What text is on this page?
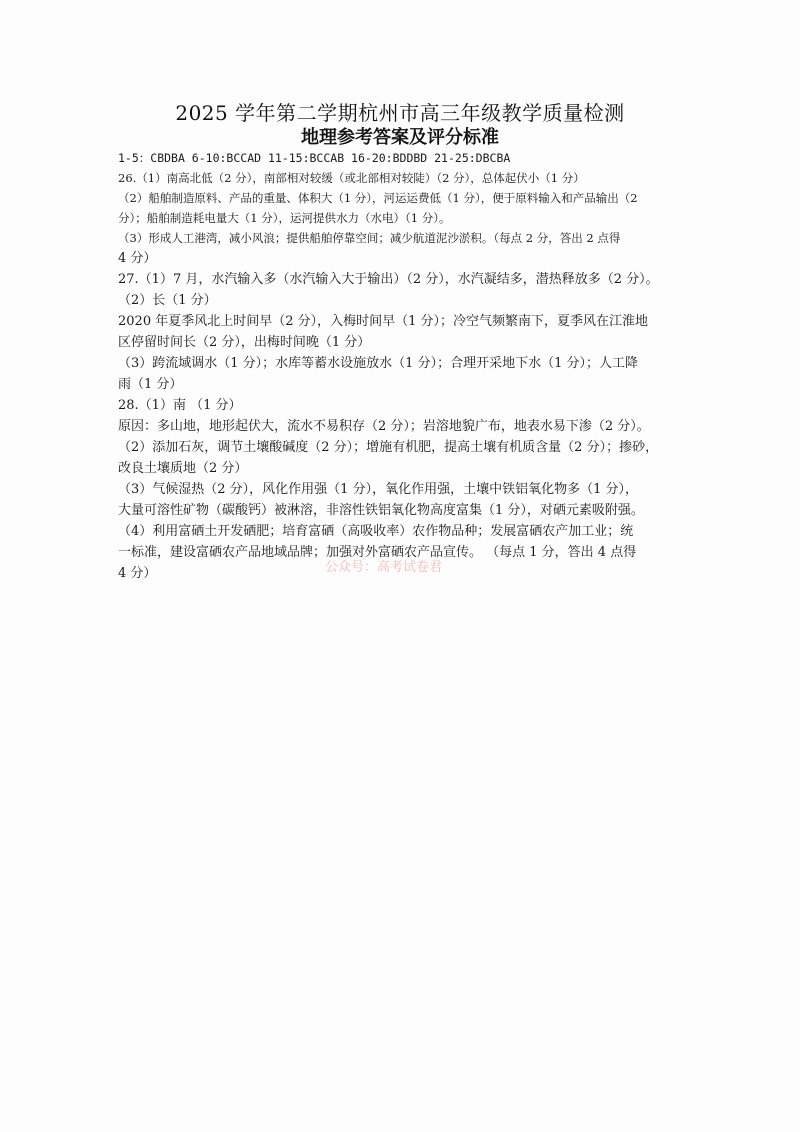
2025 学年第二学期杭州市高三年级教学质量检测
地理参考答案及评分标准
1-5：CBDBA 6-10:BCCAD 11-15:BCCAB 16-20:BDDBD 21-25:DBCBA
26.（1）南高北低（2 分），南部相对较缓（或北部相对较陡）（2 分），总体起伏小（1 分）
（2）船舶制造原料、产品的重量、体积大（1 分），河运运费低（1 分），便于原料输入和产品输出（2
分）；船舶制造耗电量大（1 分），运河提供水力（水电）（1 分）。
（3）形成人工港湾，减小风浪；提供船舶停靠空间；减少航道泥沙淤积。（每点 2 分，答出 2 点得
4 分）
27.（1）7 月，水汽输入多（水汽输入大于输出）（2 分），水汽凝结多，潜热释放多（2 分）。
（2）长（1 分）
2020 年夏季风北上时间早（2 分），入梅时间早（1 分）；冷空气频繁南下，夏季风在江淮地
区停留时间长（2 分），出梅时间晚（1 分）
（3）跨流域调水（1 分）；水库等蓄水设施放水（1 分）；合理开采地下水（1 分）；人工降
雨（1 分）
28.（1）南 （1 分）
原因：多山地，地形起伏大，流水不易积存（2 分）；岩溶地貌广布，地表水易下渗（2 分）。
（2）添加石灰，调节土壤酸碱度（2 分）；增施有机肥，提高土壤有机质含量（2 分）；掺砂，
改良土壤质地（2 分）
（3）气候湿热（2 分），风化作用强（1 分），氧化作用强，土壤中铁铝氧化物多（1 分），
大量可溶性矿物（碳酸钙）被淋溶，非溶性铁铝氧化物高度富集（1 分），对硒元素吸附强。
（4）利用富硒土开发硒肥；培育富硒（高吸收率）农作物品种；发展富硒农产加工业；统
一标准，建设富硒农产品地域品牌；加强对外富硒农产品宣传。 （每点 1 分，答出 4 点得
4 分）	公众号：高考试卷君
